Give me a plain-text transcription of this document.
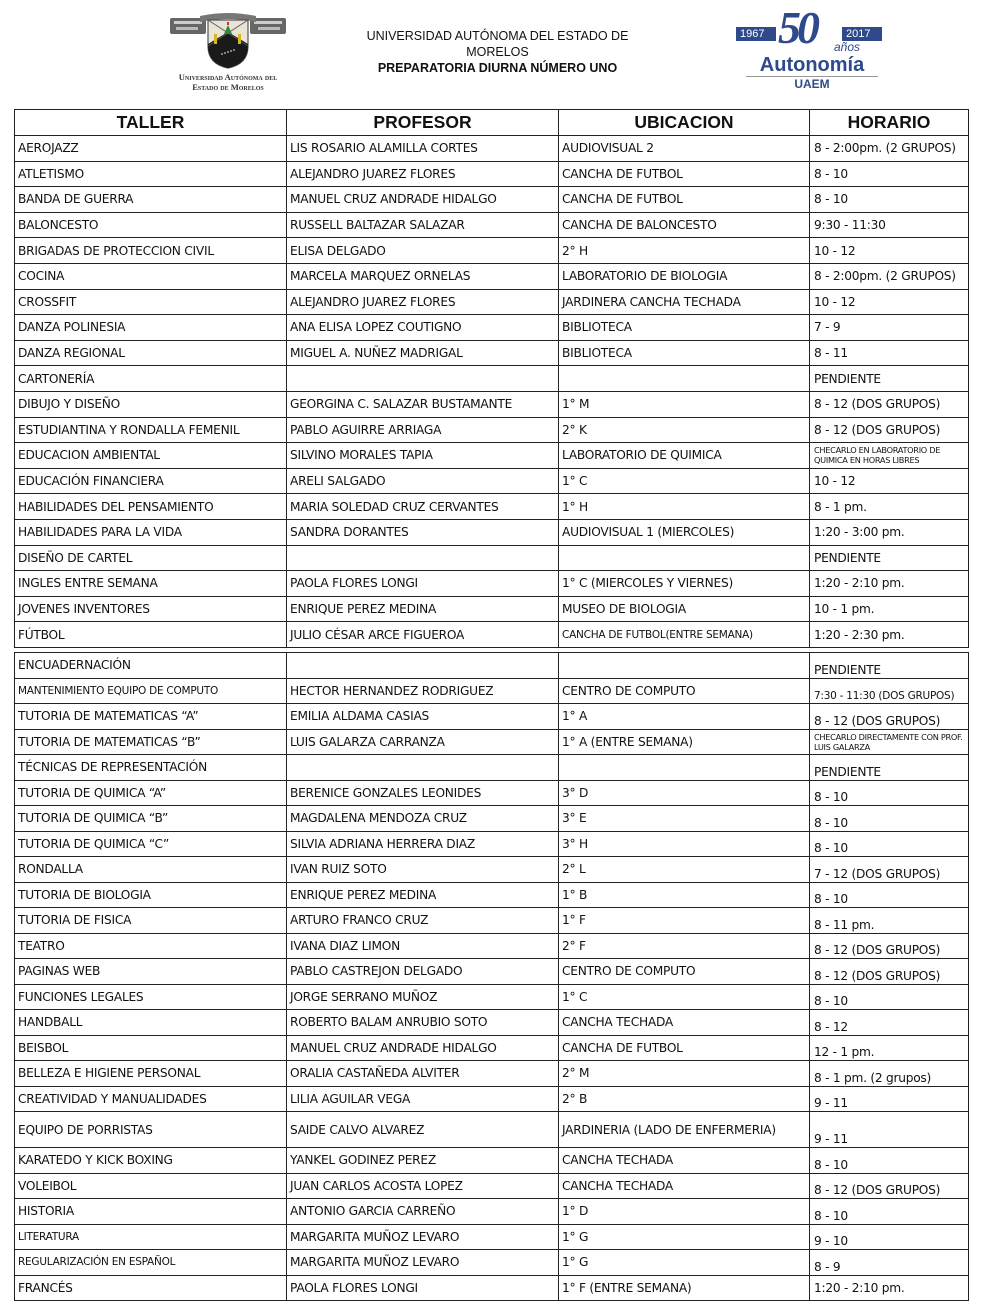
Universidad Autónoma del
Estado de Morelos
UNIVERSIDAD AUTÓNOMA DEL ESTADO DE
MORELOS
PREPARATORIA DIURNA NÚMERO UNO
1967	2017
50 años
Autonomía
UAEM
TALLER	PROFESOR	UBICACION	HORARIO
AEROJAZZ	LIS ROSARIO ALAMILLA CORTES	AUDIOVISUAL 2	8 - 2:00pm. (2 GRUPOS)
ATLETISMO	ALEJANDRO JUAREZ FLORES	CANCHA DE FUTBOL	8 - 10
BANDA DE GUERRA	MANUEL CRUZ ANDRADE HIDALGO	CANCHA DE FUTBOL	8 - 10
BALONCESTO	RUSSELL BALTAZAR SALAZAR	CANCHA DE BALONCESTO	9:30 - 11:30
BRIGADAS DE PROTECCION CIVIL	ELISA DELGADO	2° H	10 - 12
COCINA	MARCELA MARQUEZ ORNELAS	LABORATORIO DE BIOLOGIA	8 - 2:00pm. (2 GRUPOS)
CROSSFIT	ALEJANDRO JUAREZ FLORES	JARDINERA CANCHA TECHADA	10 - 12
DANZA POLINESIA	ANA ELISA LOPEZ COUTIGNO	BIBLIOTECA	7 - 9
DANZA REGIONAL	MIGUEL A. NUÑEZ MADRIGAL	BIBLIOTECA	8 - 11
CARTONERÍA			PENDIENTE
DIBUJO Y DISEÑO	GEORGINA C. SALAZAR BUSTAMANTE	1° M	8 - 12 (DOS GRUPOS)
ESTUDIANTINA Y RONDALLA FEMENIL	PABLO AGUIRRE ARRIAGA	2° K	8 - 12 (DOS GRUPOS)
EDUCACION AMBIENTAL	SILVINO MORALES TAPIA	LABORATORIO DE QUIMICA	CHECARLO EN LABORATORIO DE QUIMICA EN HORAS LIBRES
EDUCACIÓN FINANCIERA	ARELI SALGADO	1° C	10 - 12
HABILIDADES DEL PENSAMIENTO	MARIA SOLEDAD CRUZ CERVANTES	1° H	8 - 1 pm.
HABILIDADES PARA LA VIDA	SANDRA DORANTES	AUDIOVISUAL 1 (MIERCOLES)	1:20 - 3:00 pm.
DISEÑO DE CARTEL			PENDIENTE
INGLES ENTRE SEMANA	PAOLA FLORES LONGI	1° C (MIERCOLES Y VIERNES)	1:20 - 2:10 pm.
JOVENES INVENTORES	ENRIQUE PEREZ MEDINA	MUSEO DE BIOLOGIA	10 - 1 pm.
FÚTBOL	JULIO CÉSAR ARCE FIGUEROA	CANCHA DE FUTBOL(ENTRE SEMANA)	1:20 - 2:30 pm.
ENCUADERNACIÓN			PENDIENTE
MANTENIMIENTO EQUIPO DE COMPUTO	HECTOR HERNANDEZ RODRIGUEZ	CENTRO DE COMPUTO	7:30 - 11:30 (DOS GRUPOS)
TUTORIA DE MATEMATICAS “A”	EMILIA ALDAMA CASIAS	1° A	8 - 12 (DOS GRUPOS)
TUTORIA DE MATEMATICAS “B”	LUIS GALARZA CARRANZA	1° A (ENTRE SEMANA)	CHECARLO DIRECTAMENTE CON PROF. LUIS GALARZA
TÉCNICAS DE REPRESENTACIÓN			PENDIENTE
TUTORIA DE QUIMICA “A”	BERENICE GONZALES LEONIDES	3° D	8 - 10
TUTORIA DE QUIMICA “B”	MAGDALENA MENDOZA CRUZ	3° E	8 - 10
TUTORIA DE QUIMICA “C”	SILVIA ADRIANA HERRERA DIAZ	3° H	8 - 10
RONDALLA	IVAN RUIZ SOTO	2° L	7 - 12 (DOS GRUPOS)
TUTORIA DE BIOLOGIA	ENRIQUE PEREZ MEDINA	1° B	8 - 10
TUTORIA DE FISICA	ARTURO FRANCO CRUZ	1° F	8 - 11 pm.
TEATRO	IVANA DIAZ LIMON	2° F	8 - 12 (DOS GRUPOS)
PAGINAS WEB	PABLO CASTREJON DELGADO	CENTRO DE COMPUTO	8 - 12 (DOS GRUPOS)
FUNCIONES LEGALES	JORGE SERRANO MUÑOZ	1° C	8 - 10
HANDBALL	ROBERTO BALAM ANRUBIO SOTO	CANCHA TECHADA	8 - 12
BEISBOL	MANUEL CRUZ ANDRADE HIDALGO	CANCHA DE FUTBOL	12 - 1 pm.
BELLEZA E HIGIENE PERSONAL	ORALIA CASTAÑEDA ALVITER	2° M	8 - 1 pm. (2 grupos)
CREATIVIDAD Y MANUALIDADES	LILIA AGUILAR VEGA	2° B	9 - 11
EQUIPO DE PORRISTAS	SAIDE CALVO ALVAREZ	JARDINERIA (LADO DE ENFERMERIA)	9 - 11
KARATEDO Y KICK BOXING	YANKEL GODINEZ PEREZ	CANCHA TECHADA	8 - 10
VOLEIBOL	JUAN CARLOS ACOSTA LOPEZ	CANCHA TECHADA	8 - 12 (DOS GRUPOS)
HISTORIA	ANTONIO GARCIA CARREÑO	1° D	8 - 10
LITERATURA	MARGARITA MUÑOZ LEVARO	1° G	9 - 10
REGULARIZACIÓN EN ESPAÑOL	MARGARITA MUÑOZ LEVARO	1° G	8 - 9
FRANCÉS	PAOLA FLORES LONGI	1° F (ENTRE SEMANA)	1:20 - 2:10 pm.
